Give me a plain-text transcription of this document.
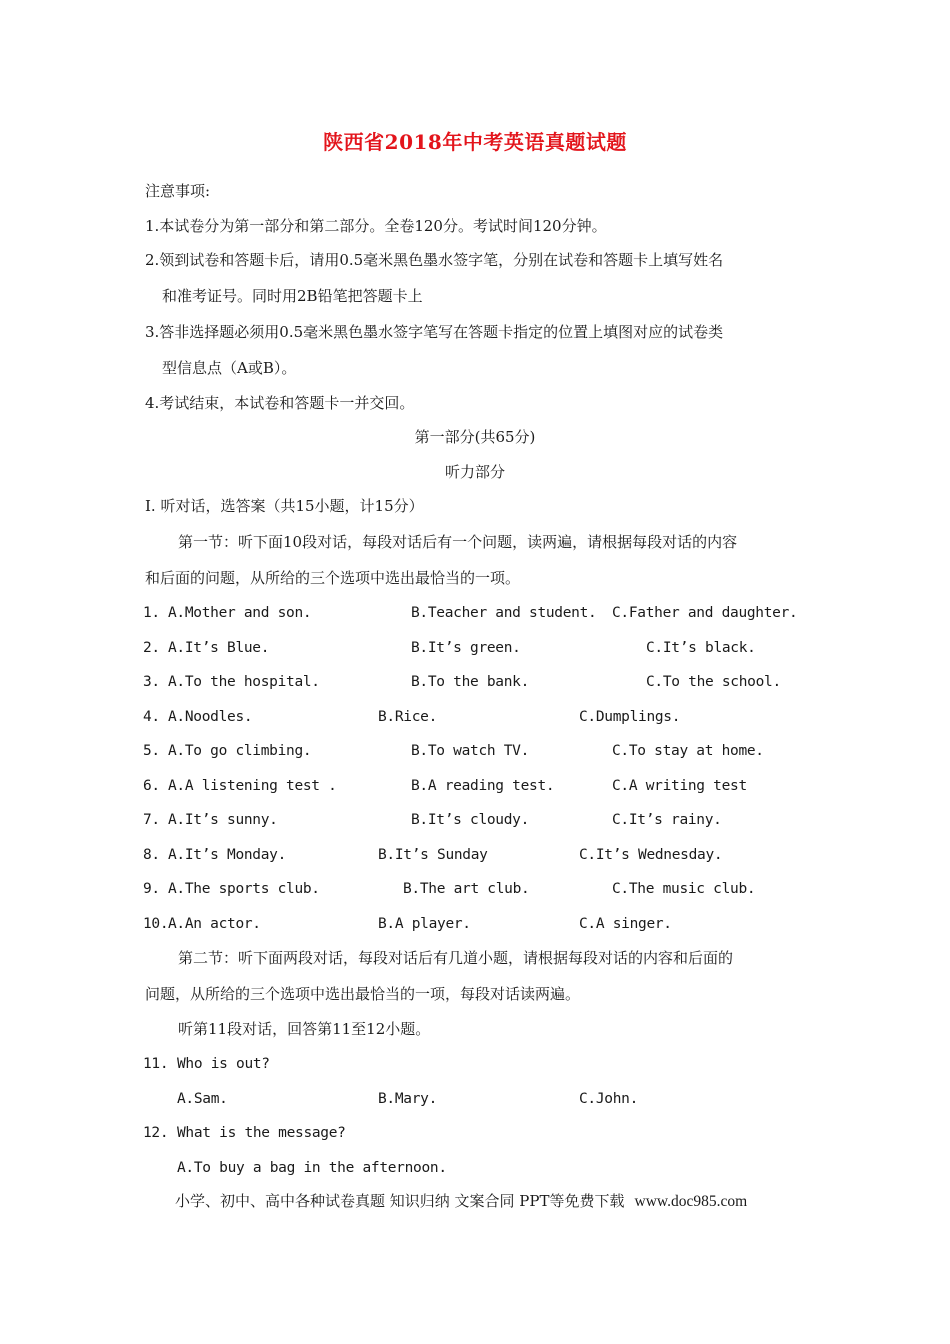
陕西省2018年中考英语真题试题
注意事项:
1.本试卷分为第一部分和第二部分。全卷120分。考试时间120分钟。
2.领到试卷和答题卡后，请用0.5毫米黑色墨水签字笔，分别在试卷和答题卡上填写姓名
和准考证号。同时用2B铅笔把答题卡上
3.答非选择题必须用0.5毫米黑色墨水签字笔写在答题卡指定的位置上填图对应的试卷类
型信息点（A或B）。
4.考试结束，本试卷和答题卡一并交回。
第一部分(共65分)
听力部分
Ⅰ. 听对话，选答案（共15小题，计15分）
第一节：听下面10段对话，每段对话后有一个问题，读两遍，请根据每段对话的内容
和后面的问题，从所给的三个选项中选出最恰当的一项。
1. A.Mother and son.	B.Teacher and student. C.Father and daughter.
2. A.It’s Blue.	B.It’s green.	C.It’s black.
3. A.To the hospital.	B.To the bank.	C.To the school.
4. A.Noodles.	B.Rice.	C.Dumplings.
5. A.To go climbing.	B.To watch TV.	C.To stay at home.
6. A.A listening test .	B.A reading test.	C.A writing test
7. A.It’s sunny.	B.It’s cloudy.	C.It’s rainy.
8. A.It’s Monday.	B.It’s Sunday	C.It’s Wednesday.
9. A.The sports club.	B.The art club.	C.The music club.
10. A.An actor.	B.A player.	C.A singer.
第二节：听下面两段对话，每段对话后有几道小题，请根据每段对话的内容和后面的
问题，从所给的三个选项中选出最恰当的一项，每段对话读两遍。
听第11段对话，回答第11至12小题。
11. Who is out?
A.Sam.	B.Mary.	C.John.
12. What is the message?
A.To buy a bag in the afternoon.
小学、初中、高中各种试卷真题 知识归纳 文案合同 PPT等免费下载 www.doc985.com
